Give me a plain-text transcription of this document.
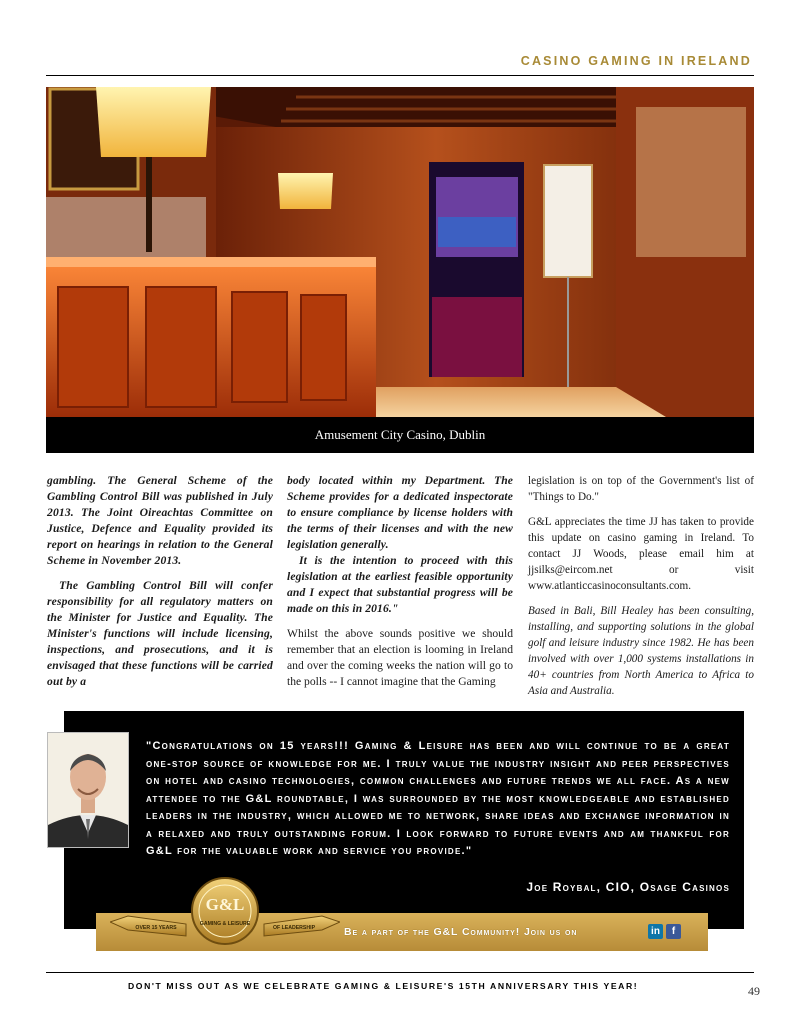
CASINO GAMING IN IRELAND
Amusement City Casino, Dublin

gambling. The General Scheme of the Gambling Control Bill was published in July 2013. The Joint Oireachtas Committee on Justice, Defence and Equality provided its report on hearings in relation to the General Scheme in November 2013.

The Gambling Control Bill will confer responsibility for all regulatory matters on the Minister for Justice and Equality. The Minister's functions will include licensing, inspections, and prosecutions, and it is envisaged that these functions will be carried out by a

body located within my Department. The Scheme provides for a dedicated inspectorate to ensure compliance by license holders with the terms of their licenses and with the new legislation generally.

It is the intention to proceed with this legislation at the earliest feasible opportunity and I expect that substantial progress will be made on this in 2016."

Whilst the above sounds positive we should remember that an election is looming in Ireland and over the coming weeks the nation will go to the polls -- I cannot imagine that the Gaming

legislation is on top of the Government's list of "Things to Do."

G&L appreciates the time JJ has taken to provide this update on casino gaming in Ireland. To contact JJ Woods, please email him at jjsilks@eircom.net or visit www.atlanticcasinoconsultants.com.

Based in Bali, Bill Healey has been consulting, installing, and supporting solutions in the global golf and leisure industry since 1982. He has been involved with over 1,000 systems installations in 40+ countries from North America to Africa to Asia and Australia.

"Congratulations on 15 years!!! Gaming & Leisure has been and will continue to be a great one-stop source of knowledge for me. I truly value the industry insight and peer perspectives on hotel and casino technologies, common challenges and future trends we all face. As a new attendee to the G&L roundtable, I was surrounded by the most knowledgeable and established leaders in the industry, which allowed me to network, share ideas and exchange information in a relaxed and truly outstanding forum. I look forward to future events and am thankful for G&L for the valuable work and service you provide."
Joe Roybal, CIO, Osage Casinos
Be a part of the G&L Community! Join us on	in	f
G&L
GAMING & LEISURE
OVER 15 YEARS	OF LEADERSHIP
DON'T MISS OUT AS WE CELEBRATE GAMING & LEISURE'S 15TH ANNIVERSARY THIS YEAR!	49
